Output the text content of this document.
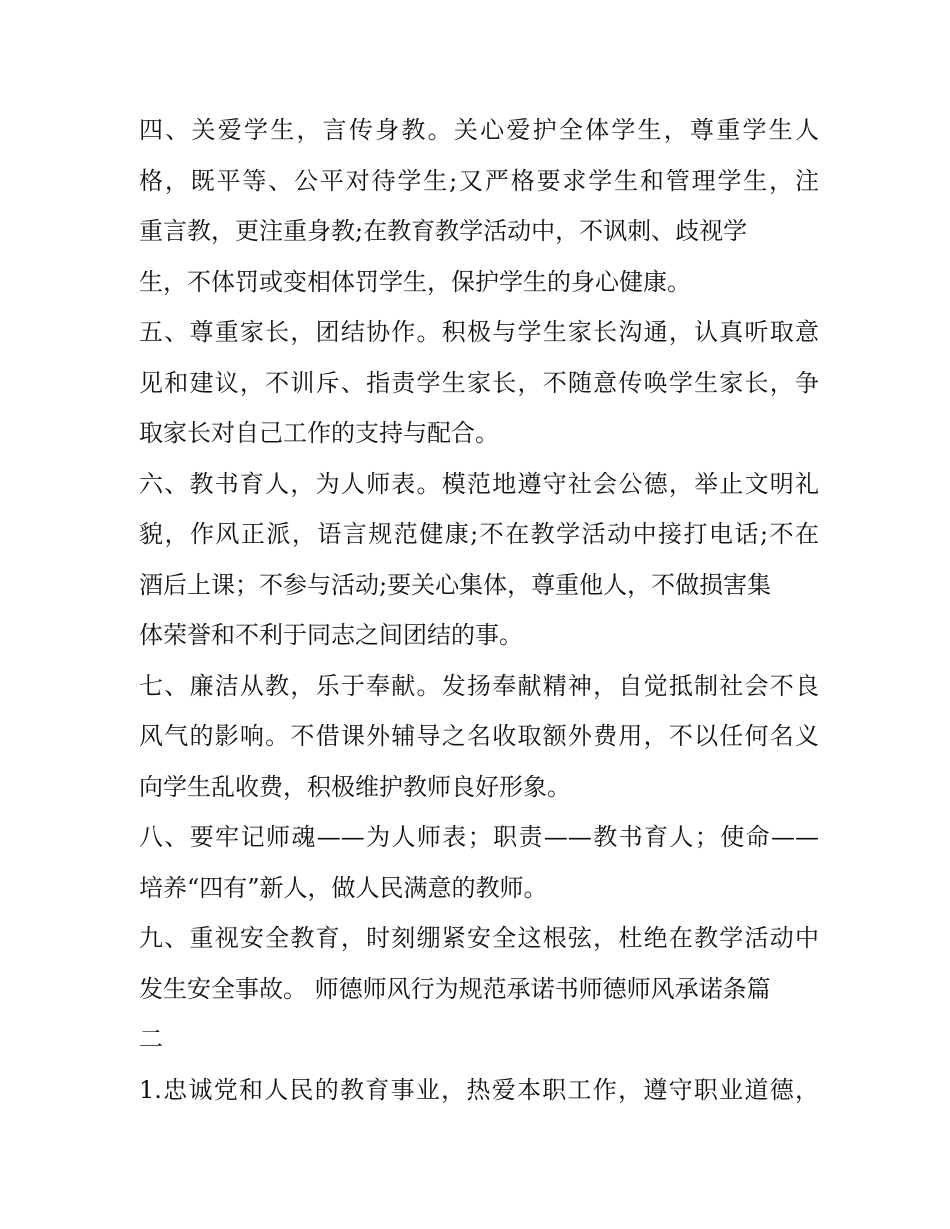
四、关爱学生，言传身教。关心爱护全体学生，尊重学生人
格，既平等、公平对待学生;又严格要求学生和管理学生，注
重言教，更注重身教;在教育教学活动中，不讽刺、歧视学
生，不体罚或变相体罚学生，保护学生的身心健康。
五、尊重家长，团结协作。积极与学生家长沟通，认真听取意
见和建议，不训斥、指责学生家长，不随意传唤学生家长，争
取家长对自己工作的支持与配合。
六、教书育人，为人师表。模范地遵守社会公德，举止文明礼
貌，作风正派，语言规范健康;不在教学活动中接打电话;不在
酒后上课；不参与活动;要关心集体，尊重他人，不做损害集
体荣誉和不利于同志之间团结的事。
七、廉洁从教，乐于奉献。发扬奉献精神，自觉抵制社会不良
风气的影响。不借课外辅导之名收取额外费用，不以任何名义
向学生乱收费，积极维护教师良好形象。
八、要牢记师魂——为人师表；职责——教书育人；使命——
培养“四有”新人，做人民满意的教师。
九、重视安全教育，时刻绷紧安全这根弦，杜绝在教学活动中
发生安全事故。 师德师风行为规范承诺书师德师风承诺条篇
二
1.忠诚党和人民的教育事业，热爱本职工作，遵守职业道德，
